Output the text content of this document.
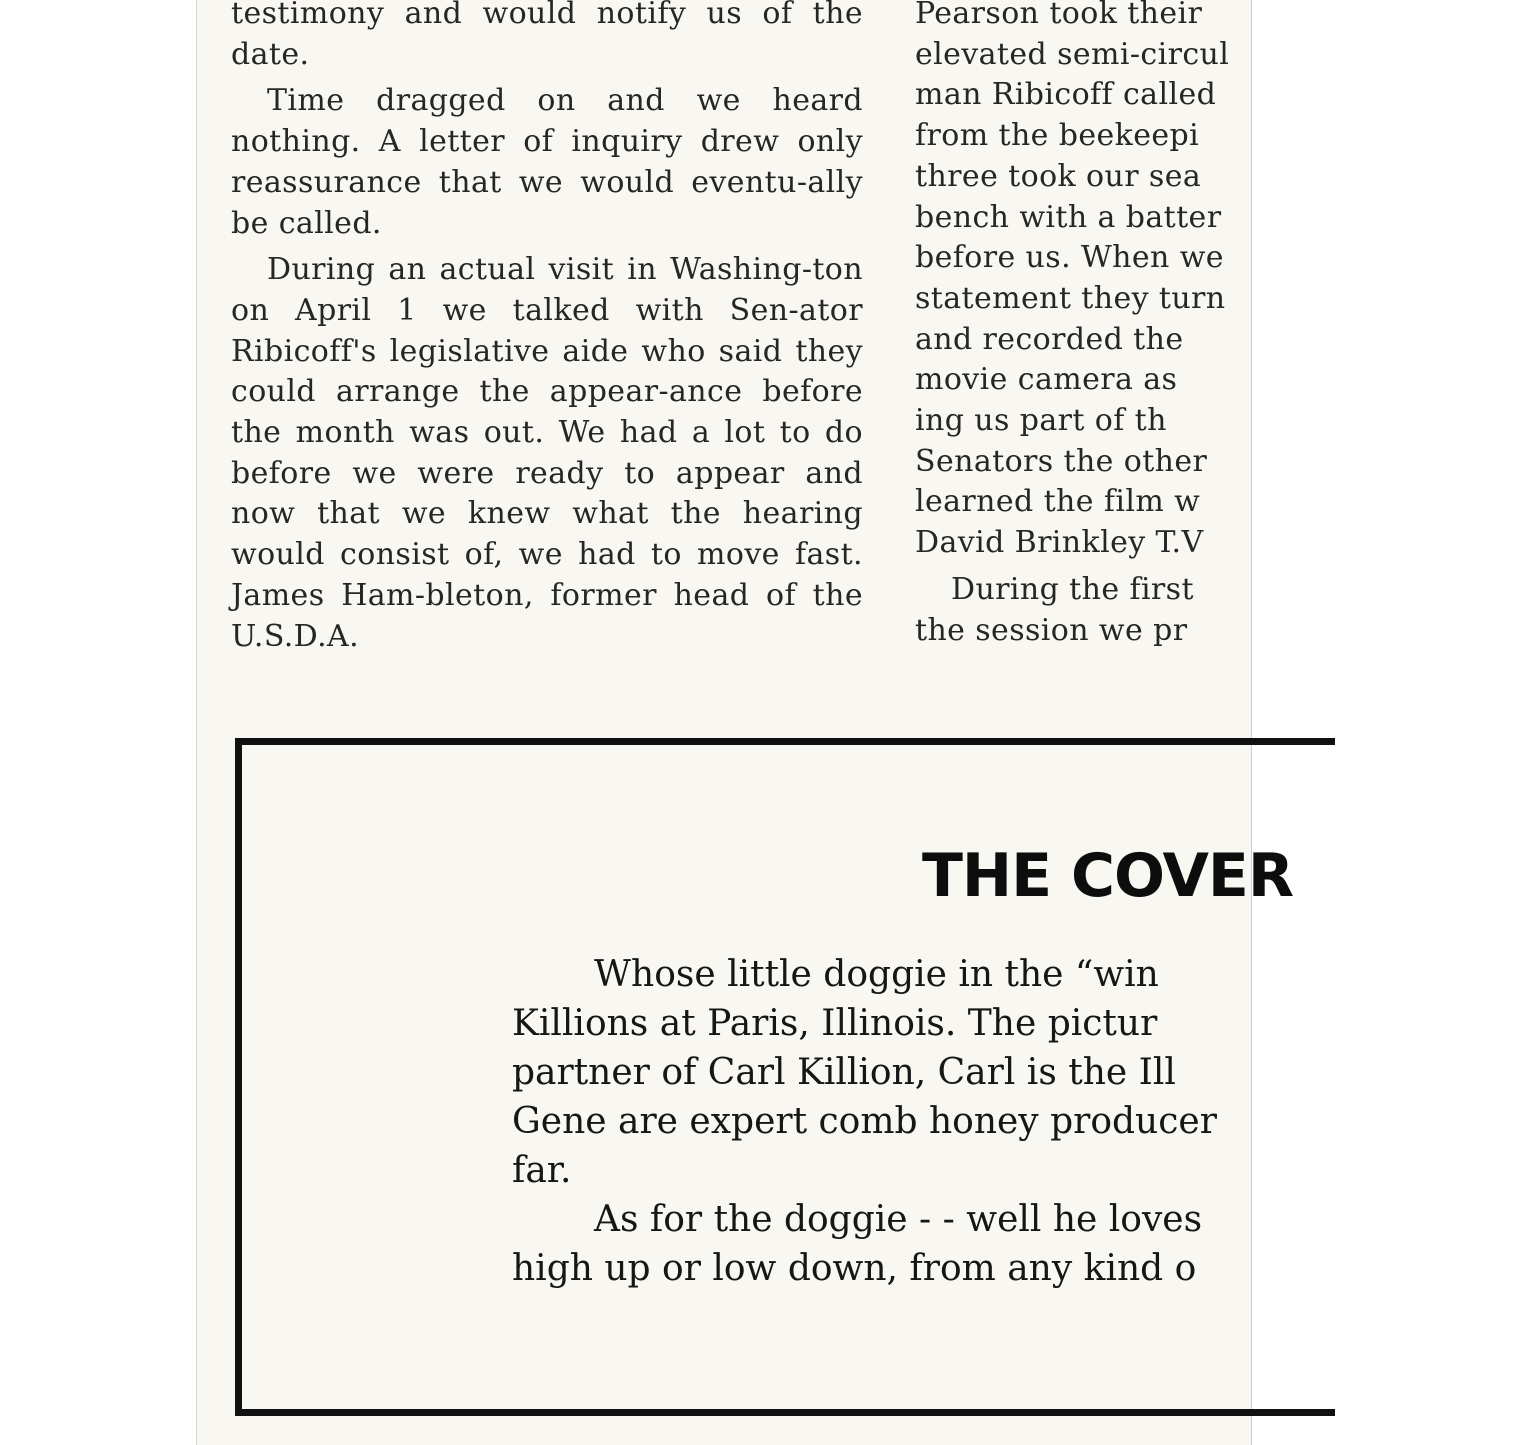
testimony and would notify us of the date.

Time dragged on and we heard nothing. A letter of inquiry drew only reassurance that we would eventu-ally be called.

During an actual visit in Washing-ton on April 1 we talked with Sen-ator Ribicoff's legislative aide who said they could arrange the appear-ance before the month was out. We had a lot to do before we were ready to appear and now that we knew what the hearing would consist of, we had to move fast. James Ham-bleton, former head of the U.S.D.A.

Pearson took their
elevated semi-circul
man Ribicoff called
from the beekeepi
three took our sea
bench with a batter
before us. When we
statement they turn
and recorded the
movie camera as
ing us part of th
Senators the other
learned the film w
David Brinkley T.V
During the first
the session we pr
THE COVER
Whose little doggie in the “win
Killions at Paris, Illinois. The pictur
partner of Carl Killion, Carl is the Ill
Gene are expert comb honey producer
far.
As for the doggie - - well he loves
high up or low down, from any kind o
